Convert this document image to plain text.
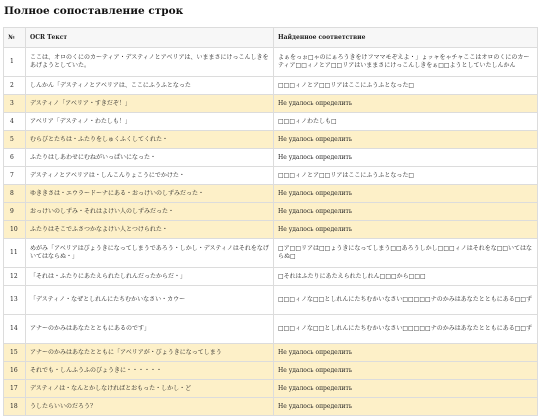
Полное сопоставление строк
№	OCR Текст	Найденное соответствие
1	ここは、オロのくにのカーティア・デスティノとアベリアは、いままさにけっこんしきをあげようとしていた。	よぁをっぉ□ゃのにぁろうきをけフママモぞえよ・」ょッャをゃチャここはオロのくにのカーティア□□ィノとア□□リアはいままさにけっこんしきをぁ□□ようとしていたしんかん
2	しんかん「デスティノとアベリアは、ここにふうふとなった	□□□ィノとア□□リアはここにふうふとなった□
3	デスティノ「アベリア・すきだぞ！」	Не удалось определить
4	アベリア「デスティノ・わたしも！」	□□□ィノわたしも□
5	むらびとたちは・ふたりをしゅくふくしてくれた・	Не удалось определить
6	ふたりはしあわせにむねがいっぱいになった・	Не удалось определить
7	デスティノとアベリアは・しんこんりょこうにでかけた・	□□□ィノとア□□リアはここにふうふとなった□
8	ゆききさは・エウラードーナにある・おっけいのしずみだった・	Не удалось определить
9	おっけいのしずみ・それはよけい人のしずみだった・	Не удалось определить
10	ふたりはそこでふさつかなよけい人とつけられた・	Не удалось определить
11	めがみ「アベリアはびょうきになってしまうであろう・しかし・デスティノはそれをなげいてはならぬ・」	□ア□□リアは□□ょうきになってしまう□□あろうしかし□□□ィノはそれをな□□いてはならぬ□
12	「それは・ふたりにあたえられたしれんだったからだ・」	□それはふたりにあたえられたしれん□□□から□□□
13	「デスティノ・なぜとしれんにたちむかいなさい・カウー	□□□ィノな□□としれんにたちむかいなさい□□□□□ナのかみはあなたとともにある□□ず
14	アナーのかみはあなたとともにあるのです」	□□□ィノな□□としれんにたちむかいなさい□□□□□ナのかみはあなたとともにある□□ず
15	アナーのかみはあなたとともに「アベリアが・びょうきになってしまう	Не удалось определить
16	それでも・しんふうふのびょうきに・・・・・・	Не удалось определить
17	デスティノは・なんとかしなければとおもった・しかし・ど	Не удалось определить
18	うしたらいいのだろう？	Не удалось определить
